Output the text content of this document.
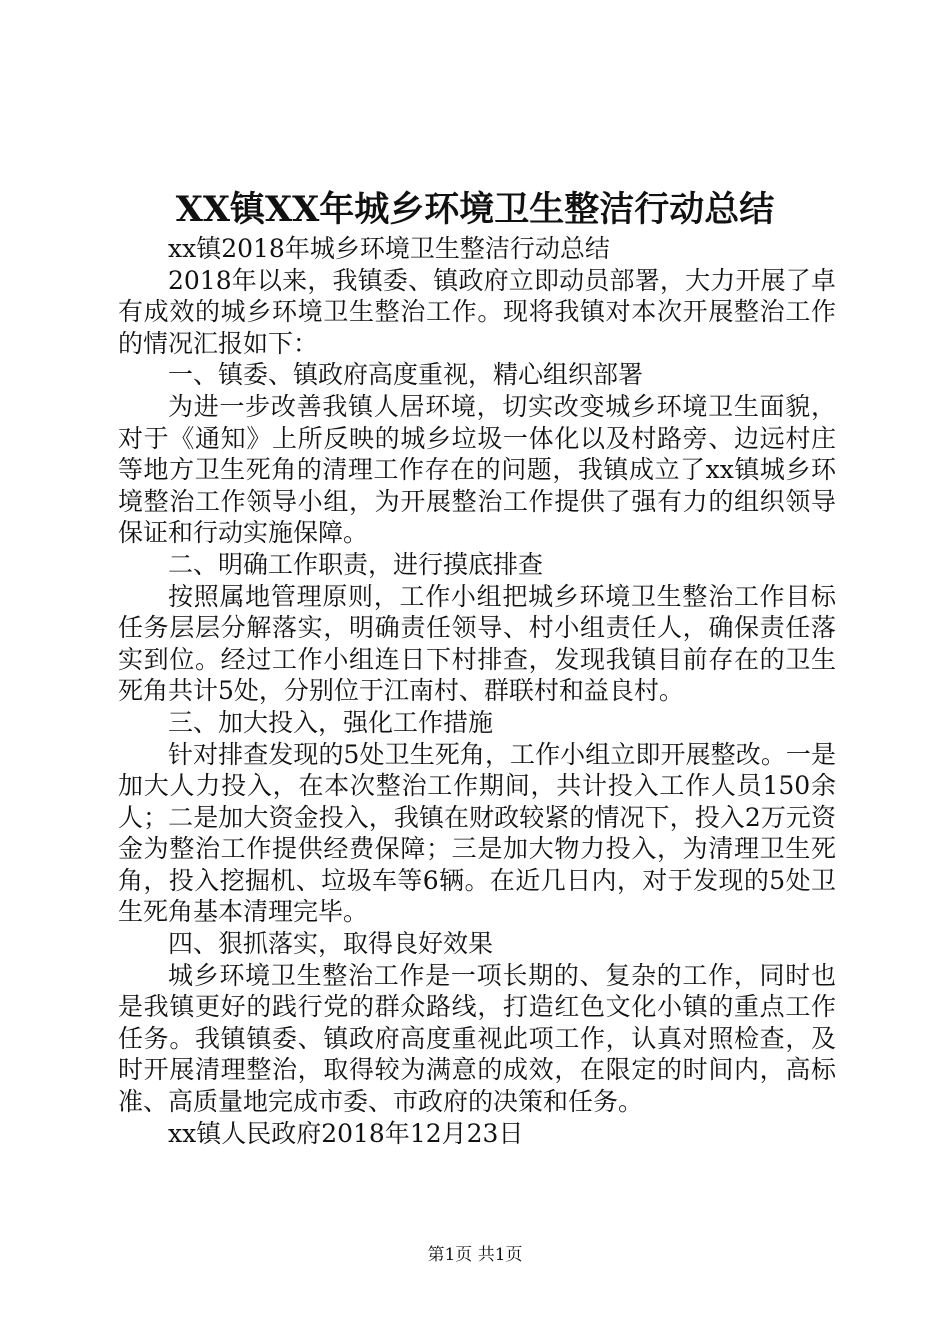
XX镇XX年城乡环境卫生整洁行动总结

xx镇2018年城乡环境卫生整洁行动总结

2018年以来，我镇委、镇政府立即动员部署，大力开展了卓有成效的城乡环境卫生整治工作。现将我镇对本次开展整治工作的情况汇报如下：

一、镇委、镇政府高度重视，精心组织部署

为进一步改善我镇人居环境，切实改变城乡环境卫生面貌，对于《通知》上所反映的城乡垃圾一体化以及村路旁、边远村庄等地方卫生死角的清理工作存在的问题，我镇成立了xx镇城乡环境整治工作领导小组，为开展整治工作提供了强有力的组织领导保证和行动实施保障。

二、明确工作职责，进行摸底排查

按照属地管理原则，工作小组把城乡环境卫生整治工作目标任务层层分解落实，明确责任领导、村小组责任人，确保责任落实到位。经过工作小组连日下村排查，发现我镇目前存在的卫生死角共计5处，分别位于江南村、群联村和益良村。

三、加大投入，强化工作措施

针对排查发现的5处卫生死角，工作小组立即开展整改。一是加大人力投入，在本次整治工作期间，共计投入工作人员150余人；二是加大资金投入，我镇在财政较紧的情况下，投入2万元资金为整治工作提供经费保障；三是加大物力投入，为清理卫生死角，投入挖掘机、垃圾车等6辆。在近几日内，对于发现的5处卫生死角基本清理完毕。

四、狠抓落实，取得良好效果

城乡环境卫生整治工作是一项长期的、复杂的工作，同时也是我镇更好的践行党的群众路线，打造红色文化小镇的重点工作任务。我镇镇委、镇政府高度重视此项工作，认真对照检查，及时开展清理整治，取得较为满意的成效，在限定的时间内，高标准、高质量地完成市委、市政府的决策和任务。

xx镇人民政府2018年12月23日

第1页 共1页
